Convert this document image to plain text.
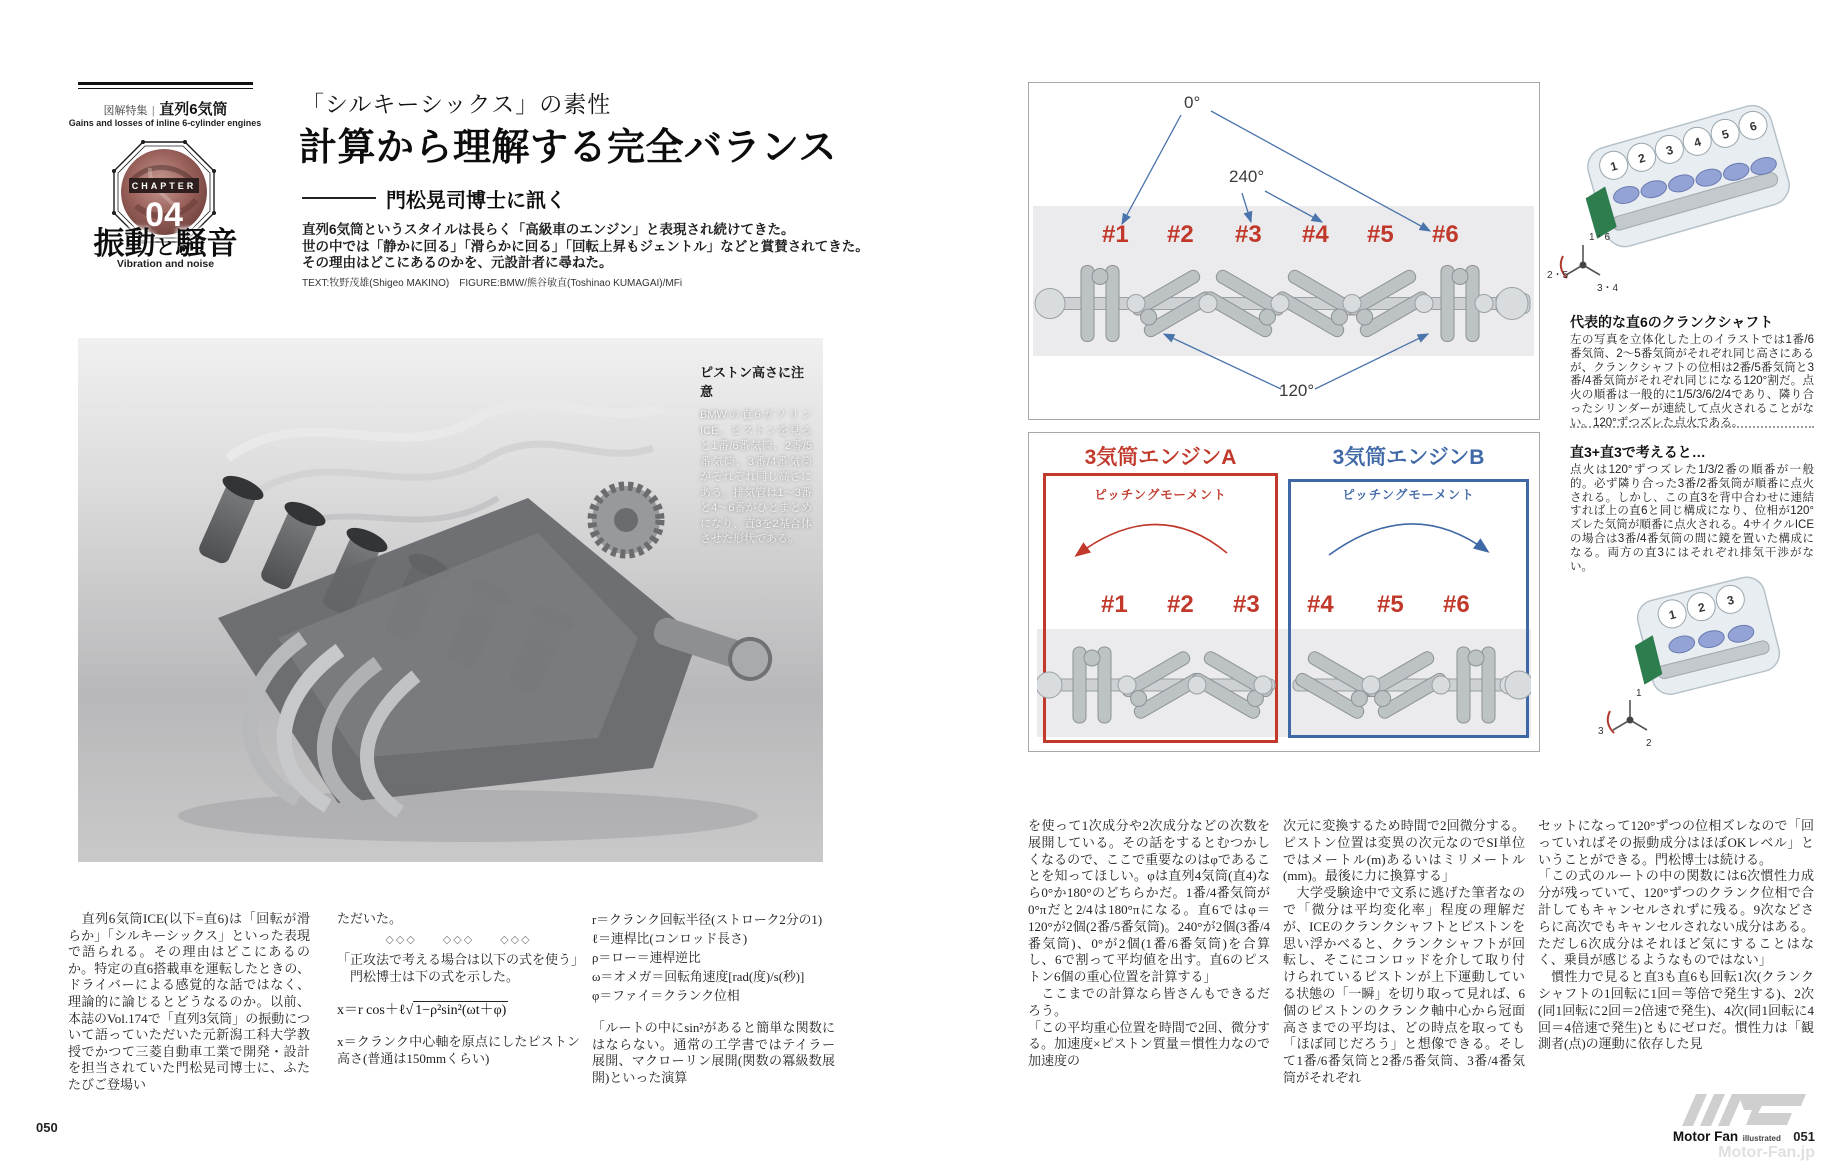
図解特集 | 直列6気筒
Gains and losses of inline 6-cylinder engines
CHAPTER
04
振動と騒音
Vibration and noise
「シルキーシックス」の素性
計算から理解する完全バランス
門松晃司博士に訊く
直列6気筒というスタイルは長らく「高級車のエンジン」と表現され続けてきた。
世の中では「静かに回る」「滑らかに回る」「回転上昇もジェントル」などと賞賛されてきた。
その理由はどこにあるのかを、元設計者に尋ねた。
TEXT:牧野茂雄(Shigeo MAKINO)　FIGURE:BMW/熊谷敏直(Toshinao KUMAGAI)/MFi
ピストン高さに注意
BMWの直6ガソリンICE。ピストンを見ると1番/6番気筒、2番/5番気筒、3番/4番気筒がそれぞれ同じ高さにある。排気管は1〜3番と4〜6番がひとまとめになり、直3を2基合体させた形状である。

　直列6気筒ICE(以下=直6)は「回転が滑らか」「シルキーシックス」といった表現で語られる。その理由はどこにあるのか。特定の直6搭載車を運転したときの、ドライバーによる感覚的な話ではなく、理論的に論じるとどうなるのか。以前、本誌のVol.174で「直列3気筒」の振動について語っていただいた元新潟工科大学教授でかつて三菱自動車工業で開発・設計を担当されていた門松晃司博士に、ふたたびご登場い

ただいた。

◇◇◇　　◇◇◇　　◇◇◇

「正攻法で考える場合は以下の式を使う」

　門松博士は下の式を示した。

x＝r cos＋ℓ√ 1−ρ²sin²(ωt＋φ)

x＝クランク中心軸を原点にしたピストン高さ(普通は150mmくらい)

r＝クランク回転半径(ストローク2分の1)
ℓ＝連桿比(コンロッド長さ)
ρ＝ロー＝連桿逆比
ω＝オメガ＝回転角速度[rad(度)/s(秒)]
φ＝ファイ＝クランク位相
「ルートの中にsin²があると簡単な関数にはならない。通常の工学書ではテイラー展開、マクローリン展開(関数の冪級数展開)といった演算
050
0°
240°
120°
#1 #2 #3 #4 #5 #6
3気筒エンジンA	3気筒エンジンB
ピッチングモーメント	ピッチングモーメント
#1 #2 #3 #4 #5 #6
1
2
3
4
5
6
1・6
2・5
3・4
代表的な直6のクランクシャフト
左の写真を立体化した上のイラストでは1番/6番気筒、2〜5番気筒がそれぞれ同じ高さにあるが、クランクシャフトの位相は2番/5番気筒と3番/4番気筒がそれぞれ同じになる120°割だ。点火の順番は一般的に1/5/3/6/2/4であり、隣り合ったシリンダーが連続して点火されることがない。120°ずつズレた点火である。
直3+直3で考えると…
点火は120°ずつズレた1/3/2番の順番が一般的。必ず隣り合った3番/2番気筒が順番に点火される。しかし、この直3を背中合わせに連結すれば上の直6と同じ構成になり、位相が120°ズレた気筒が順番に点火される。4サイクルICEの場合は3番/4番気筒の間に鏡を置いた構成になる。両方の直3にはそれぞれ排気干渉がない。
1 2 3
1
3
2

を使って1次成分や2次成分などの次数を展開している。その話をするとむつかしくなるので、ここで重要なのはφであることを知ってほしい。φは直列4気筒(直4)なら0°か180°のどちらかだ。1番/4番気筒が0°πだと2/4は180°πになる。直6ではφ＝120°が2個(2番/5番気筒)。240°が2個(3番/4番気筒)、0°が2個(1番/6番気筒)を合算し、6で割って平均値を出す。直6のピストン6個の重心位置を計算する」

　ここまでの計算なら皆さんもできるだろう。

「この平均重心位置を時間で2回、微分する。加速度×ピストン質量＝慣性力なので加速度の

次元に変換するため時間で2回微分する。ピストン位置は変異の次元なのでSI単位ではメートル(m)あるいはミリメートル(mm)。最後に力に換算する」

　大学受験途中で文系に逃げた筆者なので「微分は平均変化率」程度の理解だが、ICEのクランクシャフトとピストンを思い浮かべると、クランクシャフトが回転し、そこにコンロッドを介して取り付けられているピストンが上下運動している状態の「一瞬」を切り取って見れば、6個のピストンのクランク軸中心から冠面高さまでの平均は、どの時点を取っても「ほぼ同じだろう」と想像できる。そして1番/6番気筒と2番/5番気筒、3番/4番気筒がそれぞれ

セットになって120°ずつの位相ズレなので「回っていればその振動成分はほぼOKレベル」ということができる。門松博士は続ける。

「この式のルートの中の関数には6次慣性力成分が残っていて、120°ずつのクランク位相で合計してもキャンセルされずに残る。9次などさらに高次でもキャンセルされない成分はある。ただし6次成分はそれほど気にすることはなく、乗員が感じるようなものではない」

　慣性力で見ると直3も直6も回転1次(クランクシャフトの1回転に1回＝等倍で発生する)、2次(同1回転に2回＝2倍速で発生)、4次(同1回転に4回＝4倍速で発生)ともにゼロだ。慣性力は「観測者(点)の運動に依存した見

Motor Fan illustrated 051
Motor-Fan.jp
